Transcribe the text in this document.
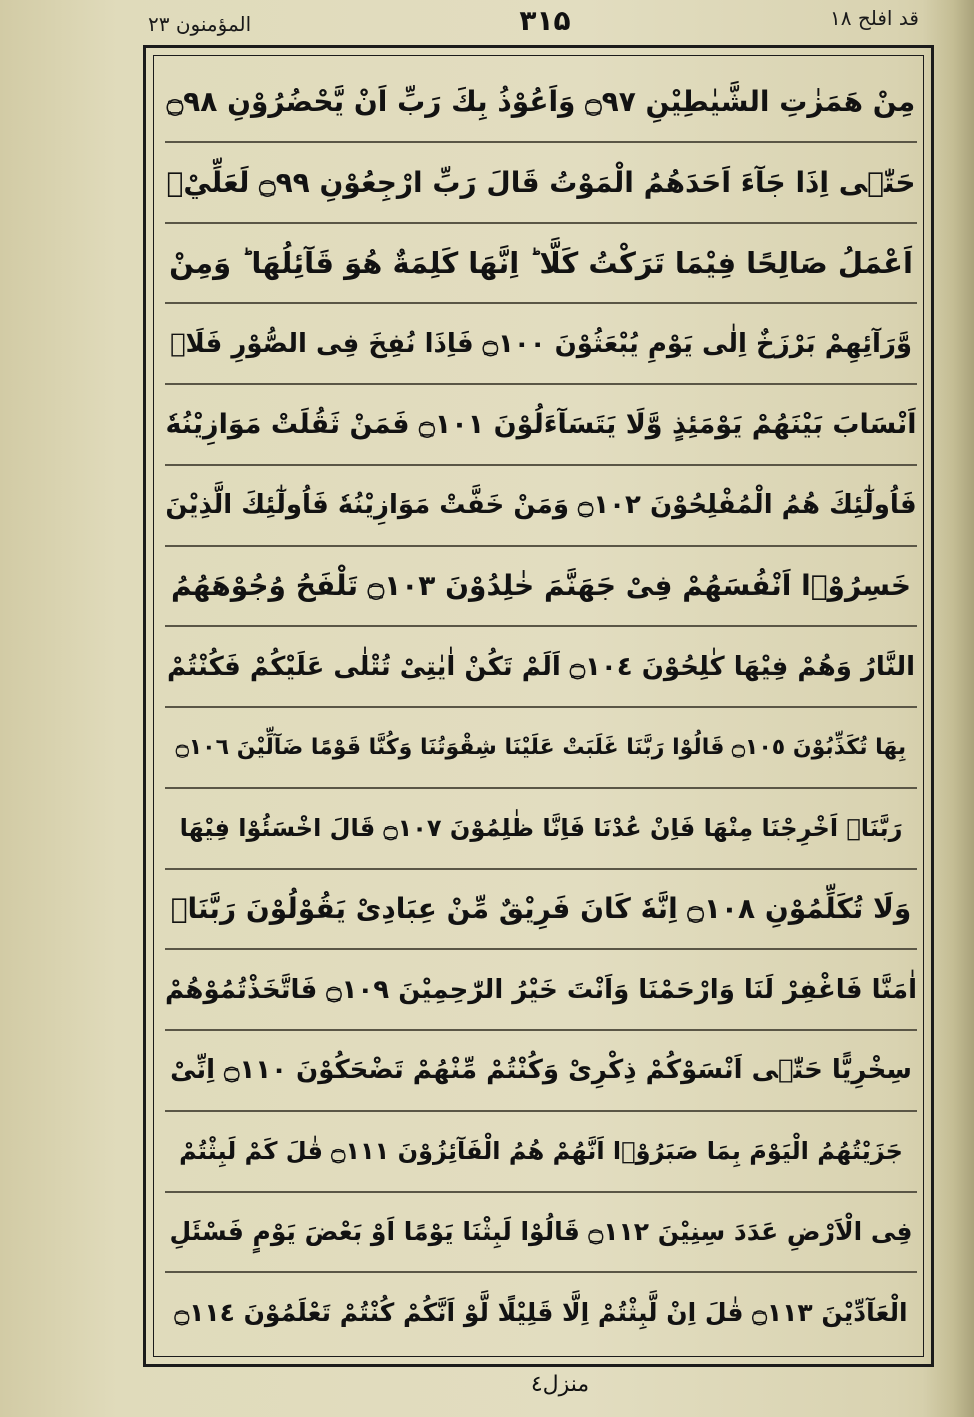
المؤمنون ۲۳	۳۱۵	قد افلح ۱۸
مِنْ هَمَزٰتِ الشَّيٰطِيْنِ ۝٩٧ وَاَعُوْذُ بِكَ رَبِّ اَنْ يَّحْضُرُوْنِ ۝٩٨
حَتّٰۤى اِذَا جَآءَ اَحَدَهُمُ الْمَوْتُ قَالَ رَبِّ ارْجِعُوْنِ ۝٩٩ لَعَلِّيْۤ
اَعْمَلُ صَالِحًا فِيْمَا تَرَكْتُ كَلَّا ؕ اِنَّهَا كَلِمَةٌ هُوَ قَآئِلُهَا ؕ وَمِنْ
وَّرَآئِهِمْ بَرْزَخٌ اِلٰى يَوْمِ يُبْعَثُوْنَ ۝١٠٠ فَاِذَا نُفِخَ فِى الصُّوْرِ فَلَاۤ
اَنْسَابَ بَيْنَهُمْ يَوْمَئِذٍ وَّلَا يَتَسَآءَلُوْنَ ۝١٠١ فَمَنْ ثَقُلَتْ مَوَازِيْنُهٗ
فَاُولٰٓئِكَ هُمُ الْمُفْلِحُوْنَ ۝١٠٢ وَمَنْ خَفَّتْ مَوَازِيْنُهٗ فَاُولٰٓئِكَ الَّذِيْنَ
خَسِرُوْۤا اَنْفُسَهُمْ فِىْ جَهَنَّمَ خٰلِدُوْنَ ۝١٠٣ تَلْفَحُ وُجُوْهَهُمُ
النَّارُ وَهُمْ فِيْهَا كٰلِحُوْنَ ۝١٠٤ اَلَمْ تَكُنْ اٰيٰتِىْ تُتْلٰى عَلَيْكُمْ فَكُنْتُمْ
بِهَا تُكَذِّبُوْنَ ۝١٠٥ قَالُوْا رَبَّنَا غَلَبَتْ عَلَيْنَا شِقْوَتُنَا وَكُنَّا قَوْمًا ضَآلِّيْنَ ۝١٠٦
رَبَّنَاۤ اَخْرِجْنَا مِنْهَا فَاِنْ عُدْنَا فَاِنَّا ظٰلِمُوْنَ ۝١٠٧ قَالَ اخْسَئُوْا فِيْهَا
وَلَا تُكَلِّمُوْنِ ۝١٠٨ اِنَّهٗ كَانَ فَرِيْقٌ مِّنْ عِبَادِىْ يَقُوْلُوْنَ رَبَّنَاۤ
اٰمَنَّا فَاغْفِرْ لَنَا وَارْحَمْنَا وَاَنْتَ خَيْرُ الرّٰحِمِيْنَ ۝١٠٩ فَاتَّخَذْتُمُوْهُمْ
سِخْرِيًّا حَتّٰۤى اَنْسَوْكُمْ ذِكْرِىْ وَكُنْتُمْ مِّنْهُمْ تَضْحَكُوْنَ ۝١١٠ اِنِّىْ
جَزَيْتُهُمُ الْيَوْمَ بِمَا صَبَرُوْۤا اَنَّهُمْ هُمُ الْفَآئِزُوْنَ ۝١١١ قٰلَ كَمْ لَبِثْتُمْ
فِى الْاَرْضِ عَدَدَ سِنِيْنَ ۝١١٢ قَالُوْا لَبِثْنَا يَوْمًا اَوْ بَعْضَ يَوْمٍ فَسْئَلِ
الْعَآدِّيْنَ ۝١١٣ قٰلَ اِنْ لَّبِثْتُمْ اِلَّا قَلِيْلًا لَّوْ اَنَّكُمْ كُنْتُمْ تَعْلَمُوْنَ ۝١١٤
منزل٤
